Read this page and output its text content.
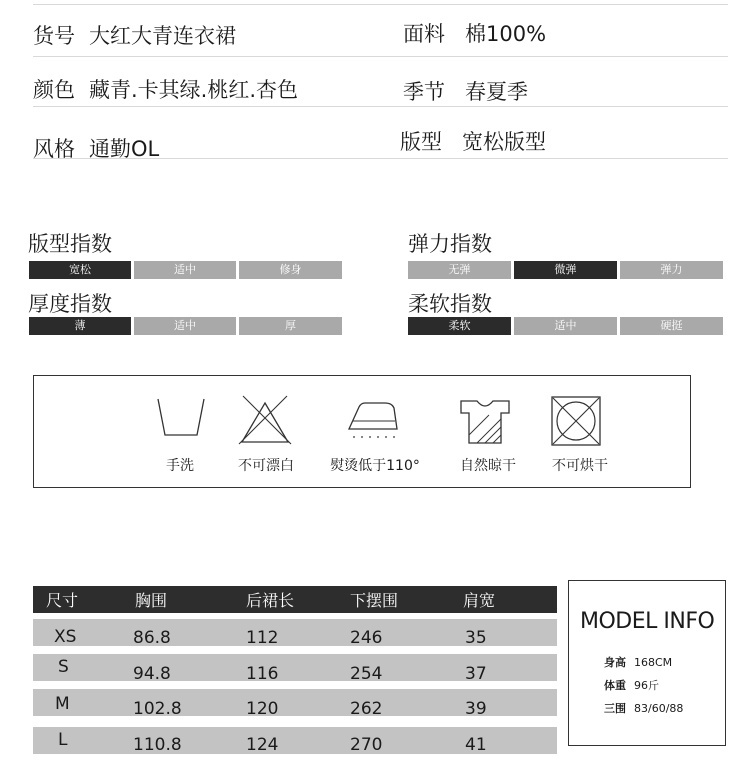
货号 大红大青连衣裙	面料 棉100%
颜色 藏青.卡其绿.桃红.杏色	季节 春夏季
风格 通勤OL	版型 宽松版型
版型指数
宽松	适中	修身
弹力指数
无弹	微弹	弹力
厚度指数
薄	适中	厚
柔软指数
柔软	适中	硬挺
手洗	不可漂白	熨烫低于110°	自然晾干	不可烘干
尺寸	胸围	后裙长	下摆围	肩宽
XS	86.8	112	246	35
S	94.8	116	254	37
M	102.8	120	262	39
L	110.8	124	270	41
MODEL INFO
身高 168CM
体重 96斤
三围 83/60/88
